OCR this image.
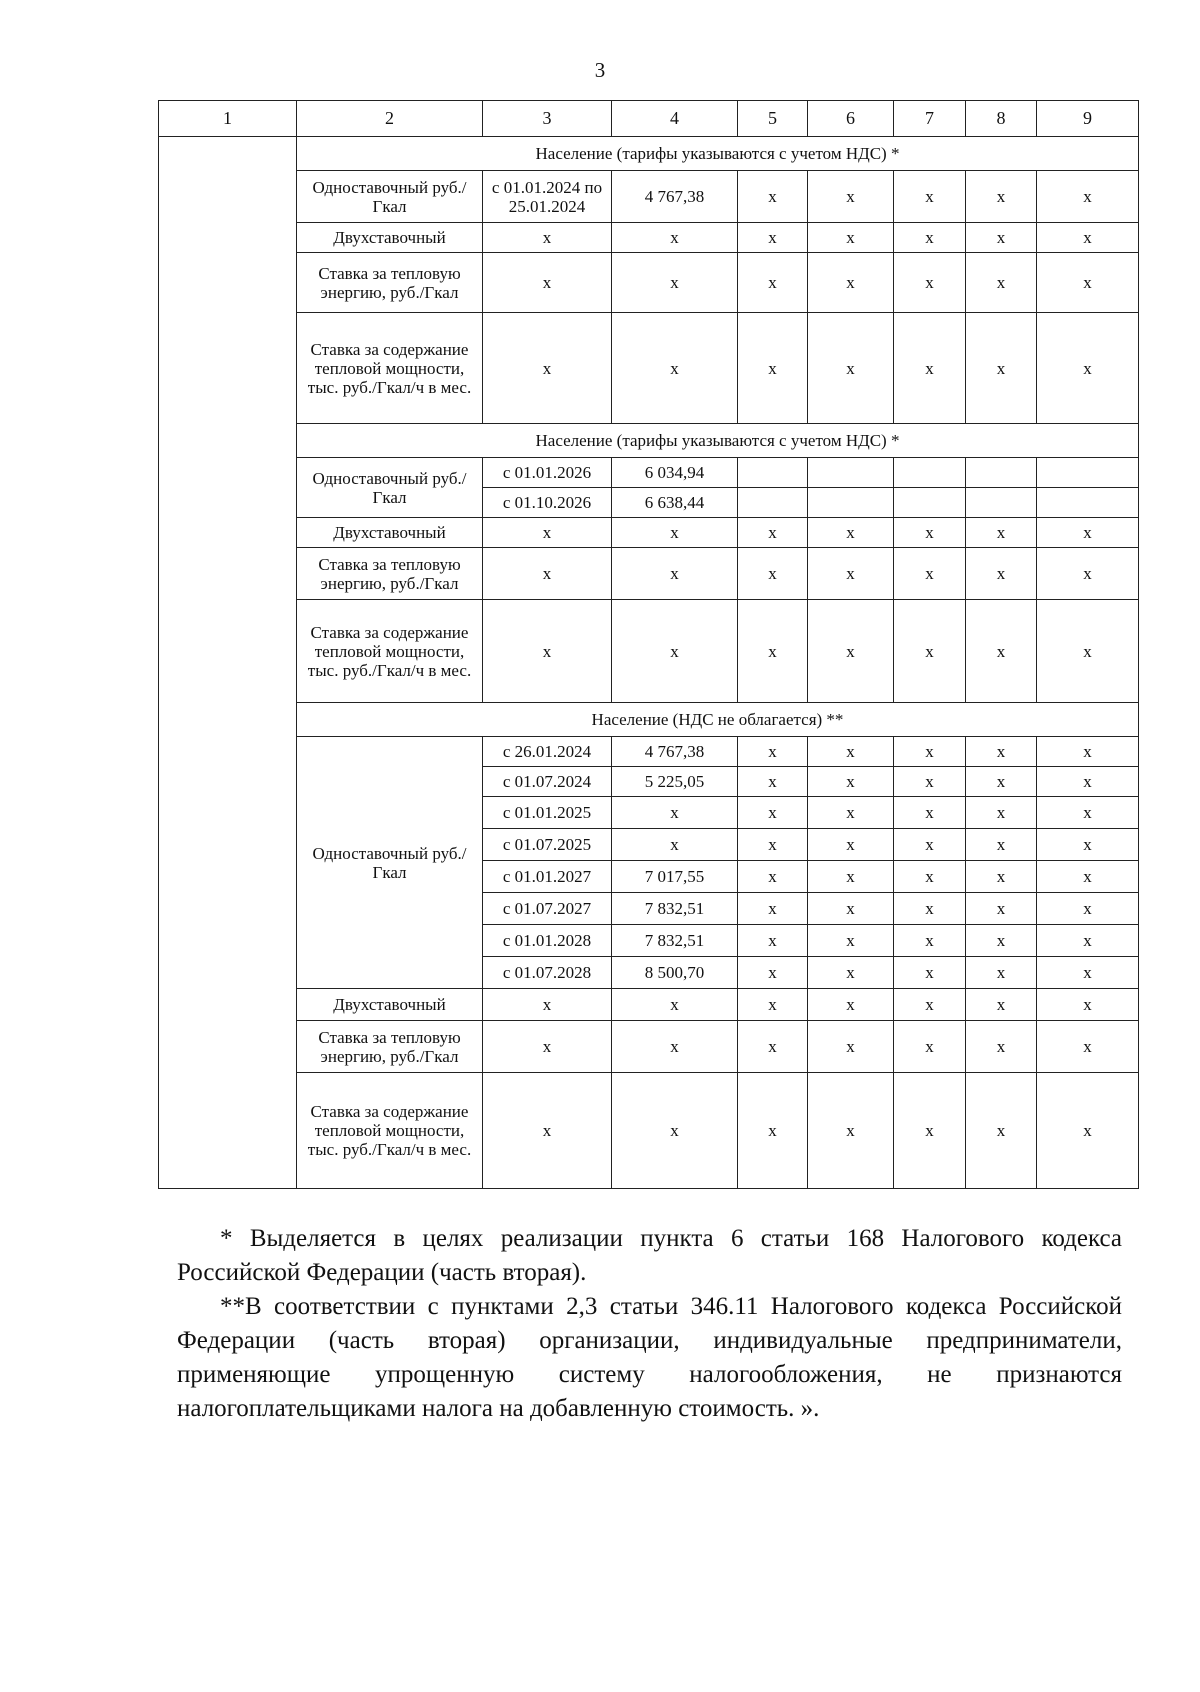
3
1	2	3	4	5	6	7	8	9
	Население (тарифы указываются с учетом НДС) *							
	Одноставочный руб./Гкал	с 01.01.2024 по 25.01.2024	4 767,38	х	х	х	х	х
	Двухставочный	х	х	х	х	х	х	х
	Ставка за тепловую энергию, руб./Гкал	х	х	х	х	х	х	х
	Ставка за содержание тепловой мощности, тыс. руб./Гкал/ч в мес.	х	х	х	х	х	х	х
	Население (тарифы указываются с учетом НДС) *							
	Одноставочный руб./Гкал	с 01.01.2026	6 034,94					
		с 01.10.2026	6 638,44					
	Двухставочный	х	х	х	х	х	х	х
	Ставка за тепловую энергию, руб./Гкал	х	х	х	х	х	х	х
	Ставка за содержание тепловой мощности, тыс. руб./Гкал/ч в мес.	х	х	х	х	х	х	х
	Население (НДС не облагается) **							
	Одноставочный руб./Гкал	с 26.01.2024	4 767,38	х	х	х	х	х
		с 01.07.2024	5 225,05	х	х	х	х	х
		с 01.01.2025	х	х	х	х	х	х
		с 01.07.2025	х	х	х	х	х	х
		с 01.01.2027	7 017,55	х	х	х	х	х
		с 01.07.2027	7 832,51	х	х	х	х	х
		с 01.01.2028	7 832,51	х	х	х	х	х
		с 01.07.2028	8 500,70	х	х	х	х	х
	Двухставочный	х	х	х	х	х	х	х
	Ставка за тепловую энергию, руб./Гкал	х	х	х	х	х	х	х
	Ставка за содержание тепловой мощности, тыс. руб./Гкал/ч в мес.	х	х	х	х	х	х	х

* Выделяется в целях реализации пункта 6 статьи 168 Налогового кодекса Российской Федерации (часть вторая).

**В соответствии с пунктами 2,3 статьи 346.11 Налогового кодекса Российской Федерации (часть вторая) организации, индивидуальные предприниматели, применяющие упрощенную систему налогообложения, не признаются налогоплательщиками налога на добавленную стоимость. ».
